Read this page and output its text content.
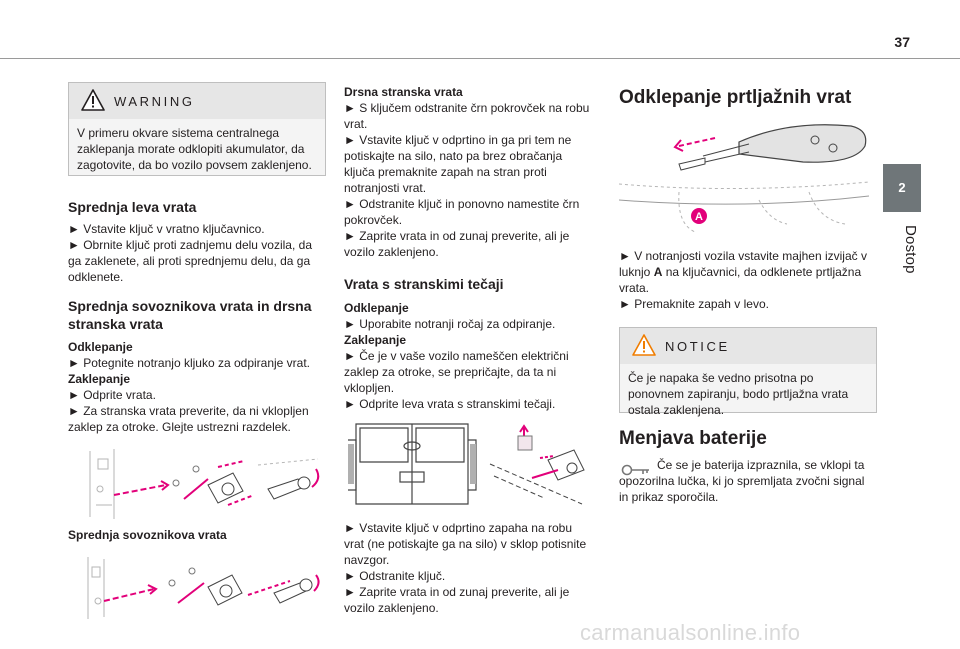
37
2
Dostop
WARNING

V primeru okvare sistema centralnega zaklepanja morate odklopiti akumulator, da zagotovite, da bo vozilo povsem zaklenjeno.

Sprednja leva vrata

► Vstavite ključ v vratno ključavnico.

► Obrnite ključ proti zadnjemu delu vozila, da ga zaklenete, ali proti sprednjemu delu, da ga odklenete.

Sprednja sovoznikova vrata in drsna stranska vrata

Odklepanje

► Potegnite notranjo kljuko za odpiranje vrat.

Zaklepanje

► Odprite vrata.

► Za stranska vrata preverite, da ni vklopljen zaklep za otroke. Glejte ustrezni razdelek.

Sprednja sovoznikova vrata

Drsna stranska vrata

► S ključem odstranite črn pokrovček na robu vrat.

► Vstavite ključ v odprtino in ga pri tem ne potiskajte na silo, nato pa brez obračanja ključa premaknite zapah na stran proti notranjosti vrat.

► Odstranite ključ in ponovno namestite črn pokrovček.

► Zaprite vrata in od zunaj preverite, ali je vozilo zaklenjeno.

Vrata s stranskimi tečaji

Odklepanje

► Uporabite notranji ročaj za odpiranje.

Zaklepanje

► Če je v vaše vozilo nameščen električni zaklep za otroke, se prepričajte, da ta ni vklopljen.

► Odprite leva vrata s stranskimi tečaji.

► Vstavite ključ v odprtino zapaha na robu vrat (ne potiskajte ga na silo) v sklop potisnite navzgor.

► Odstranite ključ.

► Zaprite vrata in od zunaj preverite, ali je vozilo zaklenjeno.

Odklepanje prtljažnih vrat

A

► V notranjosti vozila vstavite majhen izvijač v luknjo A na ključavnici, da odklenete prtljažna vrata.

► Premaknite zapah v levo.

NOTICE

Če je napaka še vedno prisotna po ponovnem zapiranju, bodo prtljažna vrata ostala zaklenjena.

Menjava baterije

Če se je baterija izpraznila, se vklopi ta opozorilna lučka, ki jo spremljata zvočni signal in prikaz sporočila.

carmanualsonline.info
